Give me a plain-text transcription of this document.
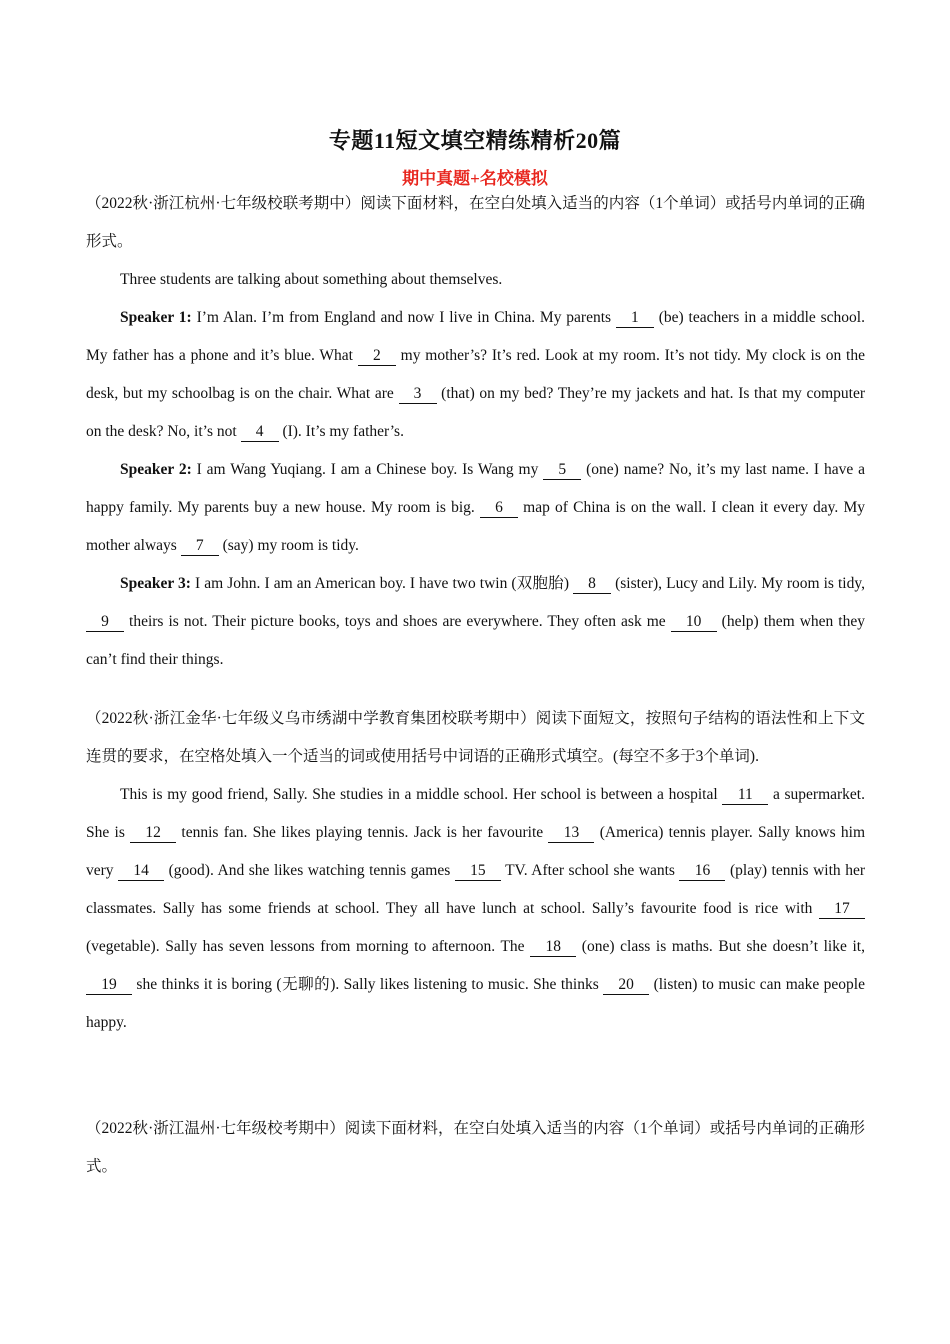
专题11短文填空精练精析20篇
期中真题+名校模拟
（2022秋·浙江杭州·七年级校联考期中）阅读下面材料，在空白处填入适当的内容（1个单词）或括号内单词的正确形式。

Three students are talking about something about themselves.

Speaker 1: I’m Alan. I’m from England and now I live in China. My parents 1 (be) teachers in a middle school. My father has a phone and it’s blue. What 2 my mother’s? It’s red. Look at my room. It’s not tidy. My clock is on the desk, but my schoolbag is on the chair. What are 3 (that) on my bed? They’re my jackets and hat. Is that my computer on the desk? No, it’s not 4 (I). It’s my father’s.

Speaker 2: I am Wang Yuqiang. I am a Chinese boy. Is Wang my 5 (one) name? No, it’s my last name. I have a happy family. My parents buy a new house. My room is big. 6 map of China is on the wall. I clean it every day. My mother always 7 (say) my room is tidy.

Speaker 3: I am John. I am an American boy. I have two twin (双胞胎) 8 (sister), Lucy and Lily. My room is tidy, 9 theirs is not. Their picture books, toys and shoes are everywhere. They often ask me 10 (help) them when they can’t find their things.

（2022秋·浙江金华·七年级义乌市绣湖中学教育集团校联考期中）阅读下面短文，按照句子结构的语法性和上下文连贯的要求，在空格处填入一个适当的词或使用括号中词语的正确形式填空。(每空不多于3个单词).

This is my good friend, Sally. She studies in a middle school. Her school is between a hospital 11 a supermarket. She is 12 tennis fan. She likes playing tennis. Jack is her favourite 13 (America) tennis player. Sally knows him very 14 (good). And she likes watching tennis games 15 TV. After school she wants 16 (play) tennis with her classmates. Sally has some friends at school. They all have lunch at school. Sally’s favourite food is rice with 17 (vegetable). Sally has seven lessons from morning to afternoon. The 18 (one) class is maths. But she doesn’t like it, 19 she thinks it is boring (无聊的). Sally likes listening to music. She thinks 20 (listen) to music can make people happy.

（2022秋·浙江温州·七年级校考期中）阅读下面材料，在空白处填入适当的内容（1个单词）或括号内单词的正确形式。
